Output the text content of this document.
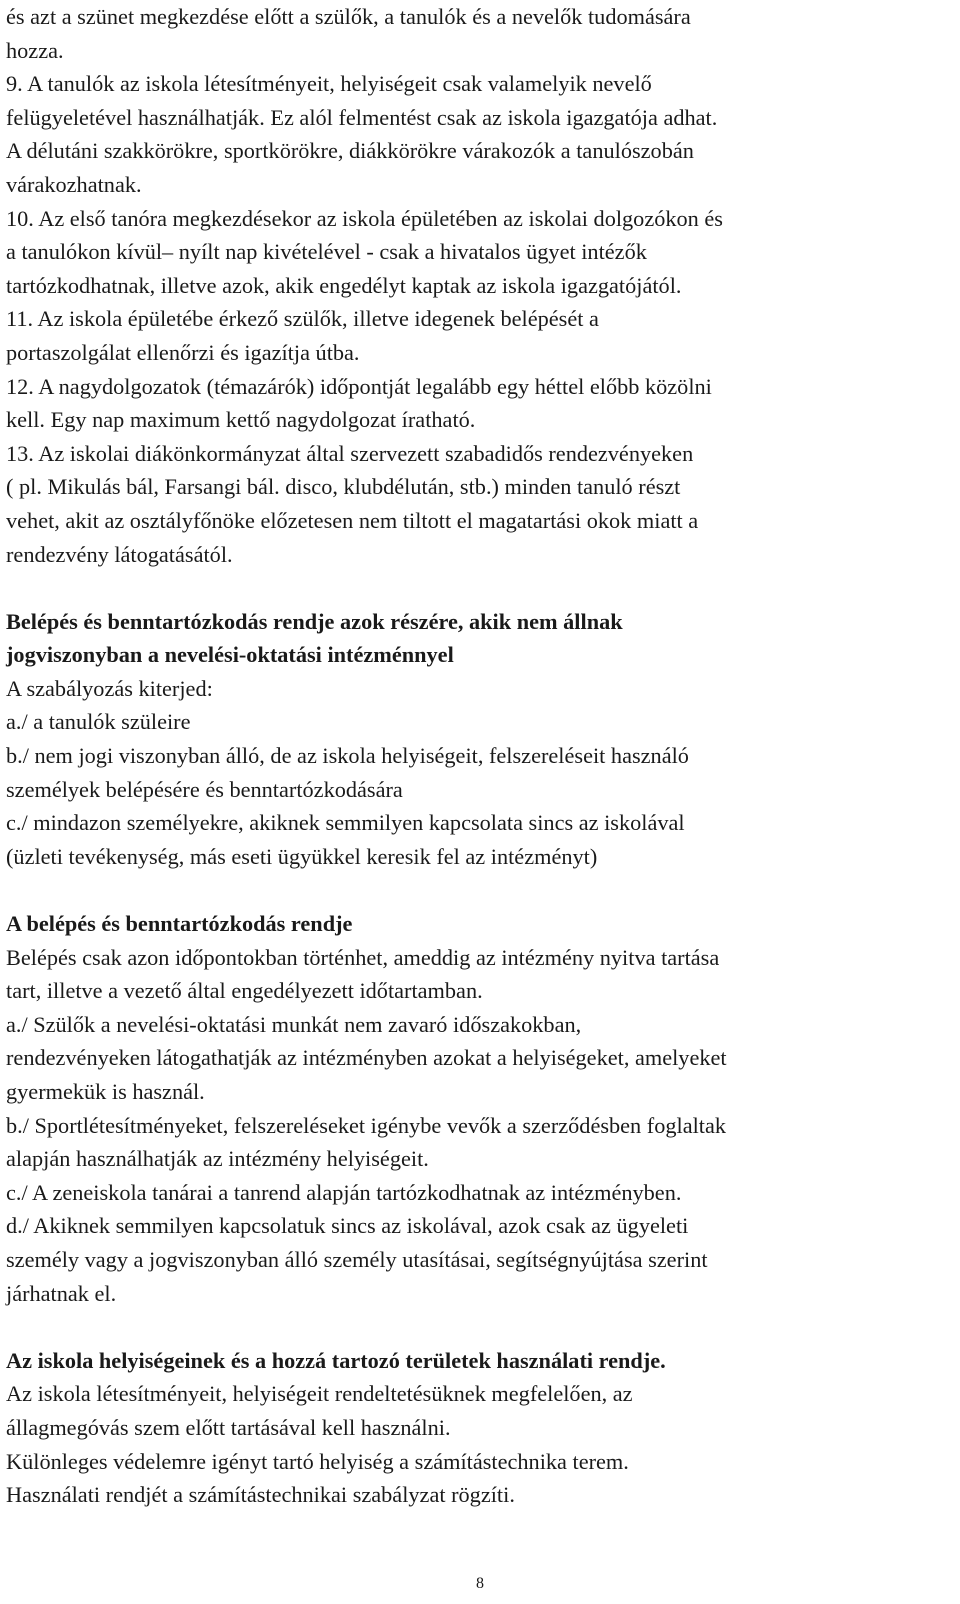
és azt a szünet megkezdése előtt a szülők, a tanulók és a nevelők tudomására
hozza.
9. A tanulók az iskola létesítményeit, helyiségeit csak valamelyik nevelő
felügyeletével használhatják. Ez alól felmentést csak az iskola igazgatója adhat.
A délutáni szakkörökre, sportkörökre, diákkörökre várakozók a tanulószobán
várakozhatnak.
10. Az első tanóra megkezdésekor az iskola épületében az iskolai dolgozókon és
a tanulókon kívül– nyílt nap kivételével - csak a hivatalos ügyet intézők
tartózkodhatnak, illetve azok, akik engedélyt kaptak az iskola igazgatójától.
11. Az iskola épületébe érkező szülők, illetve idegenek belépését a
portaszolgálat ellenőrzi és igazítja útba.
12. A nagydolgozatok (témazárók) időpontját legalább egy héttel előbb közölni
kell. Egy nap maximum kettő nagydolgozat íratható.
13. Az iskolai diákönkormányzat által szervezett szabadidős rendezvényeken
( pl. Mikulás bál, Farsangi bál. disco, klubdélután, stb.) minden tanuló részt
vehet, akit az osztályfőnöke előzetesen nem tiltott el magatartási okok miatt a
rendezvény látogatásától.
Belépés és benntartózkodás rendje azok részére, akik nem állnak
jogviszonyban a nevelési-oktatási intézménnyel
A szabályozás kiterjed:
a./ a tanulók szüleire
b./ nem jogi viszonyban álló, de az iskola helyiségeit, felszereléseit használó
személyek belépésére és benntartózkodására
c./ mindazon személyekre, akiknek semmilyen kapcsolata sincs az iskolával
(üzleti tevékenység, más eseti ügyükkel keresik fel az intézményt)
A belépés és benntartózkodás rendje
Belépés csak azon időpontokban történhet, ameddig az intézmény nyitva tartása
tart, illetve a vezető által engedélyezett időtartamban.
a./ Szülők a nevelési-oktatási munkát nem zavaró időszakokban,
rendezvényeken látogathatják az intézményben azokat a helyiségeket, amelyeket
gyermekük is használ.
b./ Sportlétesítményeket, felszereléseket igénybe vevők a szerződésben foglaltak
alapján használhatják az intézmény helyiségeit.
c./ A zeneiskola tanárai a tanrend alapján tartózkodhatnak az intézményben.
d./ Akiknek semmilyen kapcsolatuk sincs az iskolával, azok csak az ügyeleti
személy vagy a jogviszonyban álló személy utasításai, segítségnyújtása szerint
járhatnak el.
Az iskola helyiségeinek és a hozzá tartozó területek használati rendje.
Az iskola létesítményeit, helyiségeit rendeltetésüknek megfelelően, az
állagmegóvás szem előtt tartásával kell használni.
Különleges védelemre igényt tartó helyiség a számítástechnika terem.
Használati rendjét a számítástechnikai szabályzat rögzíti.
8
